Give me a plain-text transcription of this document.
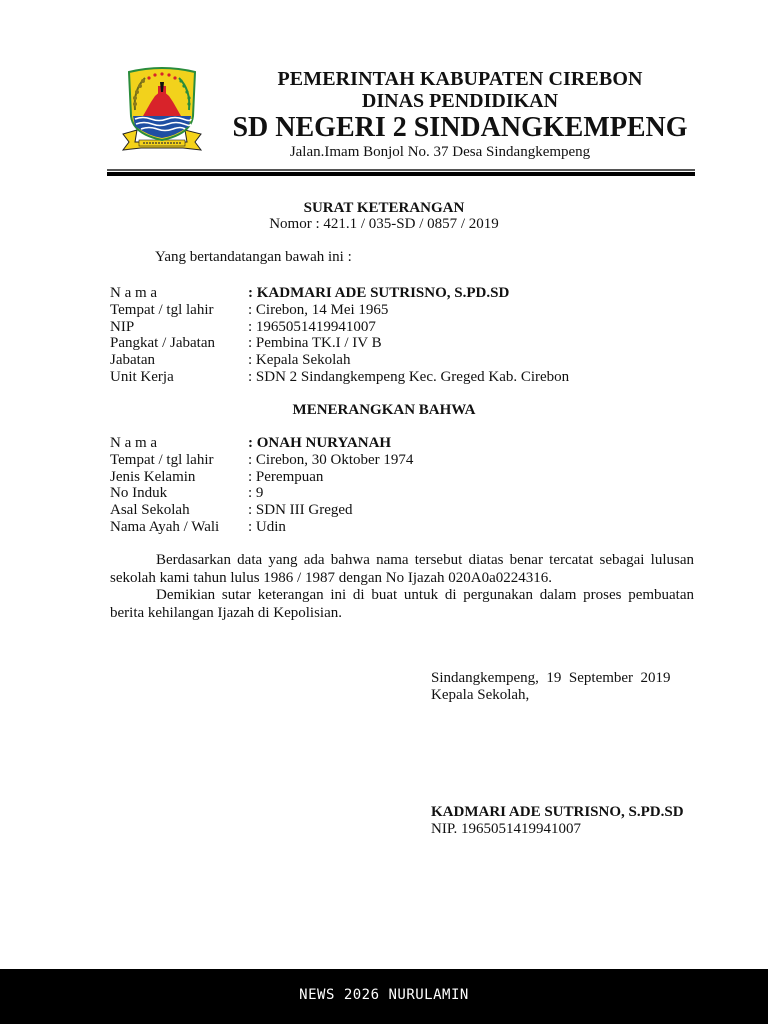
PEMERINTAH KABUPATEN CIREBON
DINAS PENDIDIKAN
SD NEGERI 2 SINDANGKEMPENG
Jalan.Imam Bonjol No. 37 Desa Sindangkempeng
SURAT KETERANGAN
Nomor : 421.1 / 035-SD / 0857 / 2019
Yang bertandatangan bawah ini :
N a m a	: KADMARI ADE SUTRISNO, S.PD.SD
Tempat / tgl lahir	: Cirebon, 14 Mei 1965
NIP	: 1965051419941007
Pangkat / Jabatan	: Pembina TK.I / IV B
Jabatan	: Kepala Sekolah
Unit Kerja	: SDN 2 Sindangkempeng Kec. Greged Kab. Cirebon
MENERANGKAN BAHWA
N a m a	: ONAH NURYANAH
Tempat / tgl lahir	: Cirebon, 30 Oktober 1974
Jenis Kelamin	: Perempuan
No Induk	: 9
Asal Sekolah	: SDN III Greged
Nama Ayah / Wali	: Udin

Berdasarkan data yang ada bahwa nama tersebut diatas benar tercatat sebagai lulusan sekolah kami tahun lulus 1986 / 1987 dengan No Ijazah 020A0a0224316.

Demikian sutar keterangan ini di buat untuk di pergunakan dalam proses pembuatan berita kehilangan Ijazah di Kepolisian.

Sindangkempeng,  19  September  2019
Kepala Sekolah,
KADMARI ADE SUTRISNO, S.PD.SD
NIP. 1965051419941007
NEWS 2026 NURULAMIN
